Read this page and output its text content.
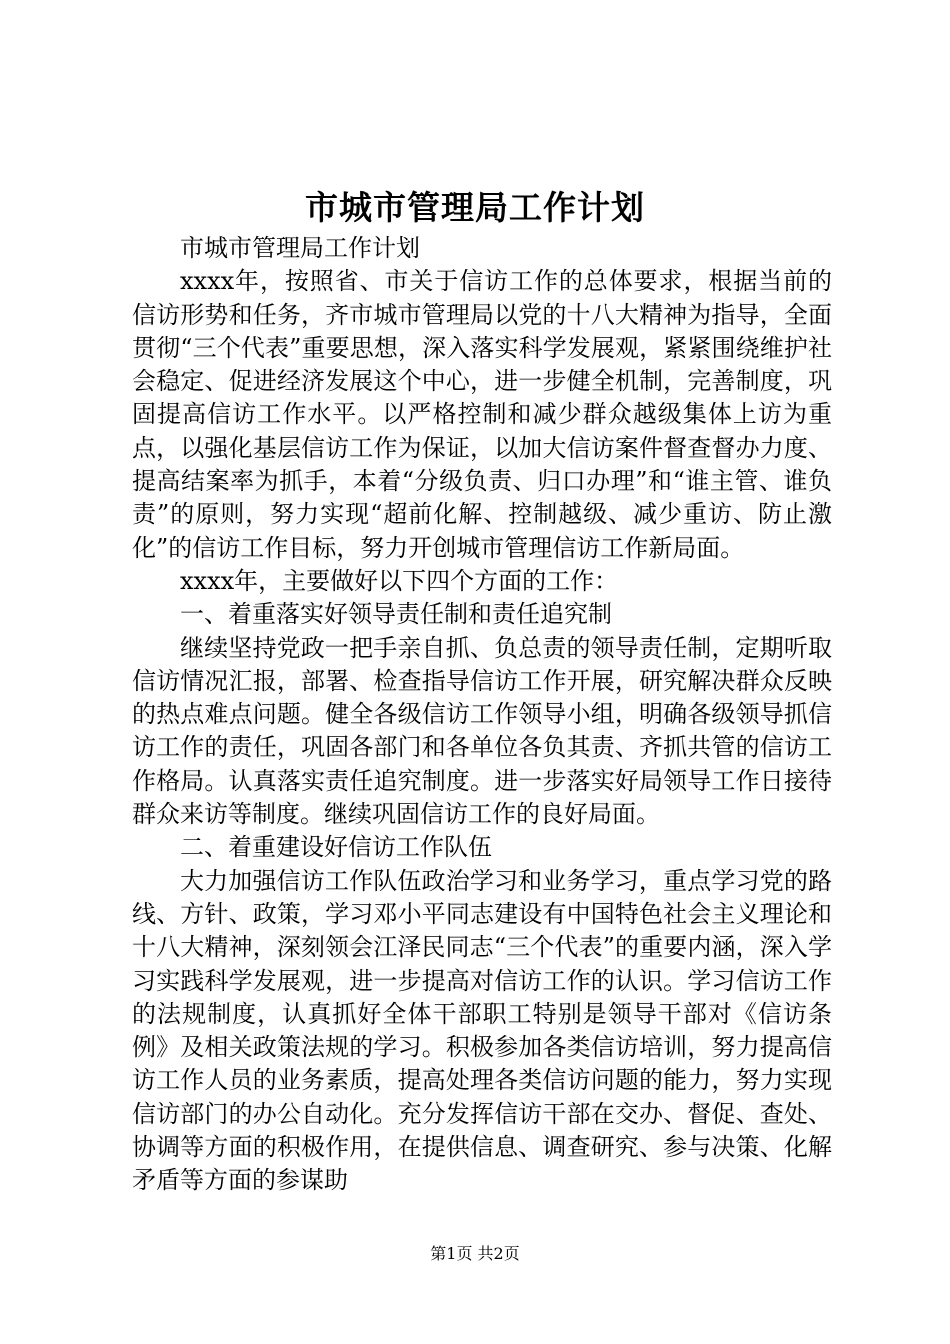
市城市管理局工作计划

市城市管理局工作计划

xxxx年，按照省、市关于信访工作的总体要求，根据当前的信访形势和任务，齐市城市管理局以党的十八大精神为指导，全面贯彻“三个代表”重要思想，深入落实科学发展观，紧紧围绕维护社会稳定、促进经济发展这个中心，进一步健全机制，完善制度，巩固提高信访工作水平。以严格控制和减少群众越级集体上访为重点，以强化基层信访工作为保证，以加大信访案件督查督办力度、提高结案率为抓手，本着“分级负责、归口办理”和“谁主管、谁负责”的原则，努力实现“超前化解、控制越级、减少重访、防止激化”的信访工作目标，努力开创城市管理信访工作新局面。

xxxx年，主要做好以下四个方面的工作：

一、着重落实好领导责任制和责任追究制

继续坚持党政一把手亲自抓、负总责的领导责任制，定期听取信访情况汇报，部署、检查指导信访工作开展，研究解决群众反映的热点难点问题。健全各级信访工作领导小组，明确各级领导抓信访工作的责任，巩固各部门和各单位各负其责、齐抓共管的信访工作格局。认真落实责任追究制度。进一步落实好局领导工作日接待群众来访等制度。继续巩固信访工作的良好局面。

二、着重建设好信访工作队伍

大力加强信访工作队伍政治学习和业务学习，重点学习党的路线、方针、政策，学习邓小平同志建设有中国特色社会主义理论和十八大精神，深刻领会江泽民同志“三个代表”的重要内涵，深入学习实践科学发展观，进一步提高对信访工作的认识。学习信访工作的法规制度，认真抓好全体干部职工特别是领导干部对《信访条例》及相关政策法规的学习。积极参加各类信访培训，努力提高信访工作人员的业务素质，提高处理各类信访问题的能力，努力实现信访部门的办公自动化。充分发挥信访干部在交办、督促、查处、协调等方面的积极作用，在提供信息、调查研究、参与决策、化解矛盾等方面的参谋助

第1页 共2页
